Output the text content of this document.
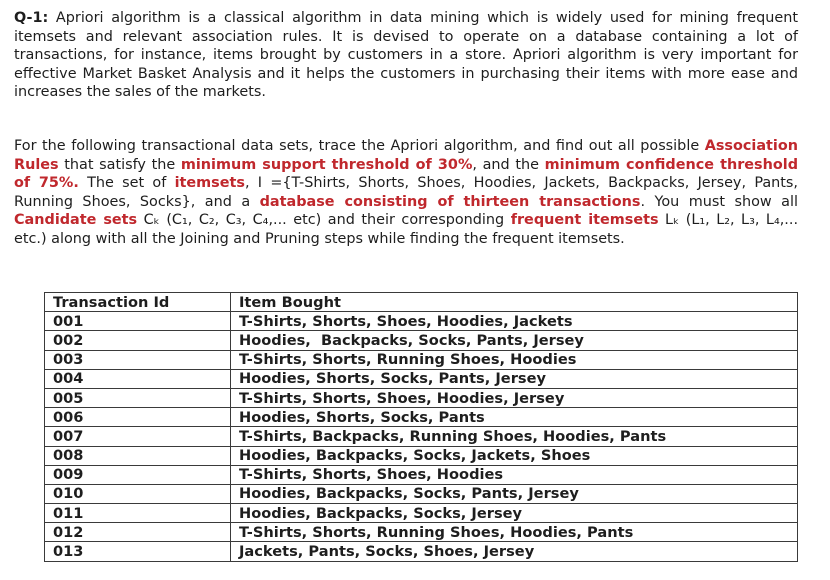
Q-1: Apriori algorithm is a classical algorithm in data mining which is widely used for mining frequent itemsets and relevant association rules. It is devised to operate on a database containing a lot of transactions, for instance, items brought by customers in a store. Apriori algorithm is very important for effective Market Basket Analysis and it helps the customers in purchasing their items with more ease and increases the sales of the markets.

For the following transactional data sets, trace the Apriori algorithm, and find out all possible Association Rules that satisfy the minimum support threshold of 30%, and the minimum confidence threshold of 75%. The set of itemsets, I ={T-Shirts, Shorts, Shoes, Hoodies, Jackets, Backpacks, Jersey, Pants, Running Shoes, Socks}, and a database consisting of thirteen transactions. You must show all Candidate sets Cₖ (C₁, C₂, C₃, C₄,... etc) and their corresponding frequent itemsets Lₖ (L₁, L₂, L₃, L₄,... etc.) along with all the Joining and Pruning steps while finding the frequent itemsets.

Transaction Id	Item Bought
001	T-Shirts, Shorts, Shoes, Hoodies, Jackets
002	Hoodies,  Backpacks, Socks, Pants, Jersey
003	T-Shirts, Shorts, Running Shoes, Hoodies
004	Hoodies, Shorts, Socks, Pants, Jersey
005	T-Shirts, Shorts, Shoes, Hoodies, Jersey
006	Hoodies, Shorts, Socks, Pants
007	T-Shirts, Backpacks, Running Shoes, Hoodies, Pants
008	Hoodies, Backpacks, Socks, Jackets, Shoes
009	T-Shirts, Shorts, Shoes, Hoodies
010	Hoodies, Backpacks, Socks, Pants, Jersey
011	Hoodies, Backpacks, Socks, Jersey
012	T-Shirts, Shorts, Running Shoes, Hoodies, Pants
013	Jackets, Pants, Socks, Shoes, Jersey
